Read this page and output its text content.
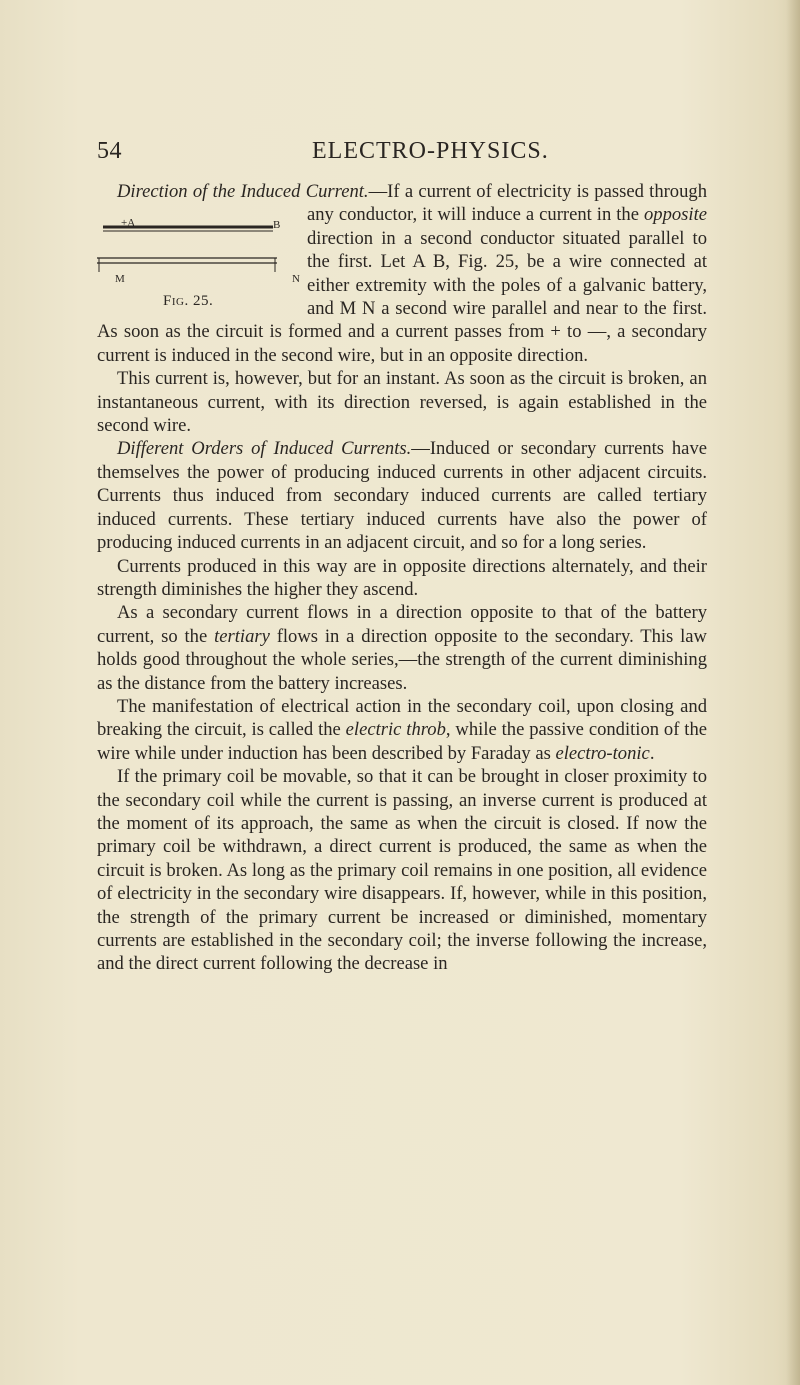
54	ELECTRO-PHYSICS.

Direction of the Induced Current.
+A	B
M	N
Fig. 25.
—If a current of electricity is passed through any conductor, it will induce a current in the opposite direction in a second conductor situated parallel to the first. Let A B, Fig. 25, be a wire connected at either extremity with the poles of a galvanic battery, and M N a second wire parallel and near to the first. As soon as the circuit is formed and a current passes from + to —, a secondary current is induced in the second wire, but in an opposite direction.

This current is, however, but for an instant. As soon as the circuit is broken, an instantaneous current, with its direction reversed, is again established in the second wire.

Different Orders of Induced Currents.—Induced or secondary currents have themselves the power of producing induced currents in other adjacent circuits. Currents thus induced from secondary induced currents are called tertiary induced currents. These tertiary induced currents have also the power of producing induced currents in an adjacent circuit, and so for a long series.

Currents produced in this way are in opposite directions alternately, and their strength diminishes the higher they ascend.

As a secondary current flows in a direction opposite to that of the battery current, so the tertiary flows in a direction opposite to the secondary. This law holds good throughout the whole series,—the strength of the current diminishing as the distance from the battery increases.

The manifestation of electrical action in the secondary coil, upon closing and breaking the circuit, is called the electric throb, while the passive condition of the wire while under induction has been described by Faraday as electro-tonic.

If the primary coil be movable, so that it can be brought in closer proximity to the secondary coil while the current is passing, an inverse current is produced at the moment of its approach, the same as when the circuit is closed. If now the primary coil be withdrawn, a direct current is produced, the same as when the circuit is broken. As long as the primary coil remains in one position, all evidence of electricity in the secondary wire disappears. If, however, while in this position, the strength of the primary current be increased or diminished, momentary currents are established in the secondary coil; the inverse following the increase, and the direct current following the decrease in
